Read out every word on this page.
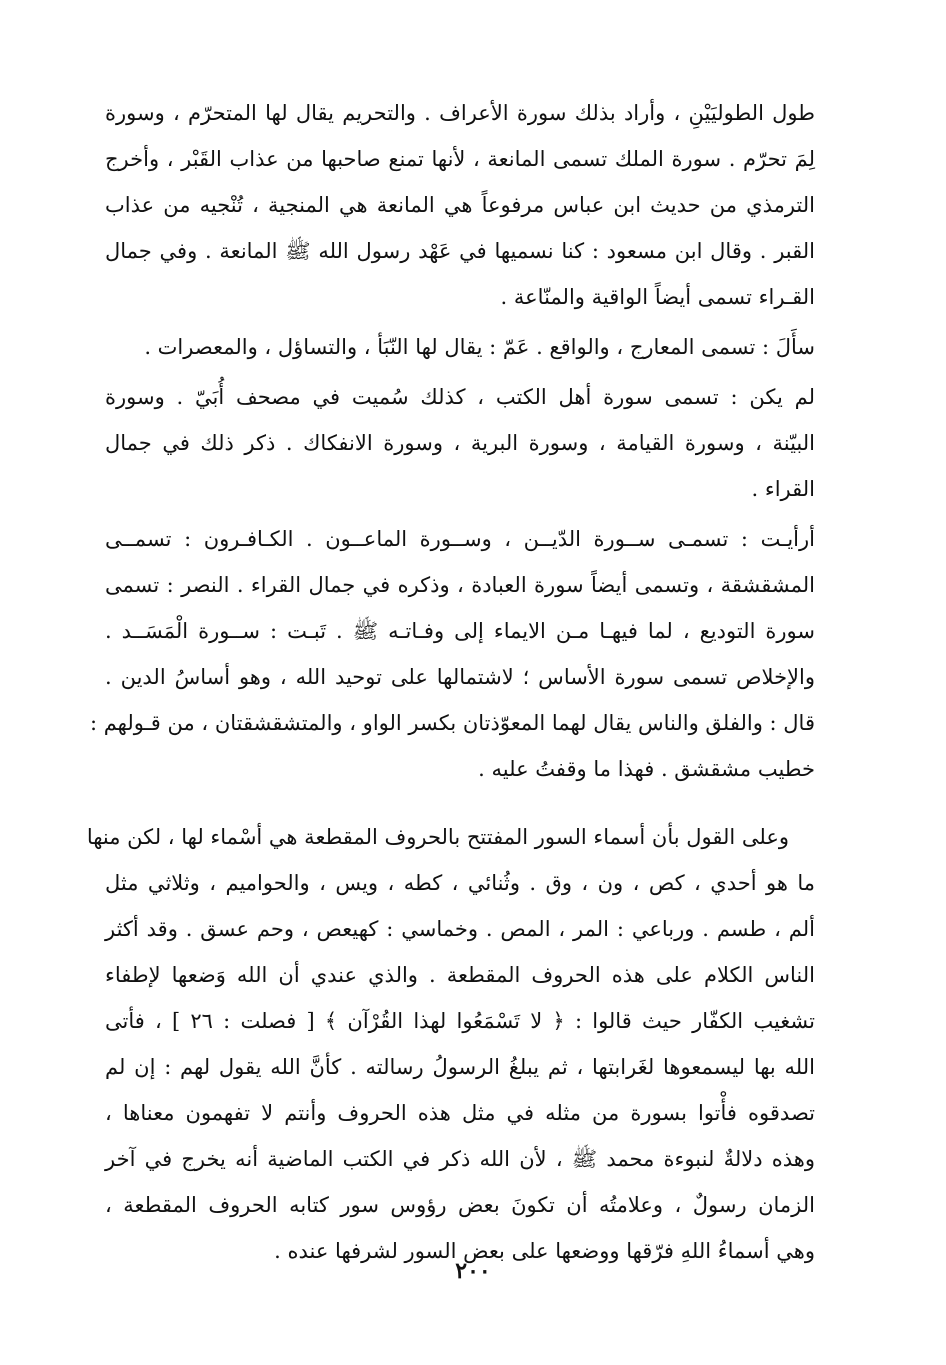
طول الطوليَيْنِ ، وأراد بذلك سورة الأعراف . والتحريم يقال لها المتحرّم ، وسورة
لِمَ تحرّم . سورة الملك تسمى المانعة ، لأنها تمنع صاحبها من عذاب القَبْر ، وأخرج
الترمذي من حديث ابن عباس مرفوعاً هي المانعة هي المنجية ، تُنْجيه من عذاب
القبر . وقال ابن مسعود : كنا نسميها في عَهْد رسول الله ﷺ المانعة . وفي جمال
القـراء تسمى أيضاً الواقية والمنّاعة .
سأَلَ : تسمى المعارج ، والواقع . عَمّ : يقال لها النّبَأ ، والتساؤل ، والمعصرات .
لم يكن : تسمى سورة أهل الكتب ، كذلك سُميت في مصحف أُبَيّ . وسورة
البيّنة ، وسورة القيامة ، وسورة البرية ، وسورة الانفكاك . ذكر ذلك في جمال
القراء .
أرأيـت : تسمـى ســورة الدّيــن ، وســورة الماعــون . الكـافـرون : تسمــى
المشقشقة ، وتسمى أيضاً سورة العبادة ، وذكره في جمال القراء . النصر : تسمى
سورة التوديع ، لما فيهـا مـن الايماء إلى وفـاتـه ﷺ . تَبـت : ســورة الْمَسَــد .
والإخلاص تسمى سورة الأساس ؛ لاشتمالها على توحيد الله ، وهو أساسُ الدين .
قال : والفلق والناس يقال لهما المعوّذتان بكسر الواو ، والمتشقشقتان ، من قـولهم :
خطيب مشقشق . فهذا ما وقفتُ عليه .
وعلى القول بأن أسماء السور المفتتح بالحروف المقطعة هي أسْماء لها ، لكن منها
ما هو أحدي ، كص ، ون ، وق . وثُنائي ، كطه ، ويس ، والحواميم ، وثلاثي مثل
ألم ، طسم . ورباعي : المر ، المص . وخماسي : كهيعص ، وحم عسق . وقد أكثر
الناس الكلام على هذه الحروف المقطعة . والذي عندي أن الله وَضعها لإطفاء
تشغيب الكفّار حيث قالوا : ﴿ لا تَسْمَعُوا لهذا القُرْآن ﴾ [ فصلت : ٢٦ ] ، فأتى
الله بها ليسمعوها لغَرابتها ، ثم يبلغُ الرسولُ رسالته . كأنَّ الله يقول لهم : إن لم
تصدقوه فأْتوا بسورة من مثله في مثل هذه الحروف وأنتم لا تفهمون معناها ،
وهذه دلالةٌ لنبوءة محمد ﷺ ، لأن الله ذكر في الكتب الماضية أنه يخرج في آخر
الزمان رسولٌ ، وعلامتُه أن تكونَ بعض رؤوس سور كتابه الحروف المقطعة ،
وهي أسماءُ اللهِ فرّقها ووضعها على بعض السور لشرفها عنده .
٢٠٠
